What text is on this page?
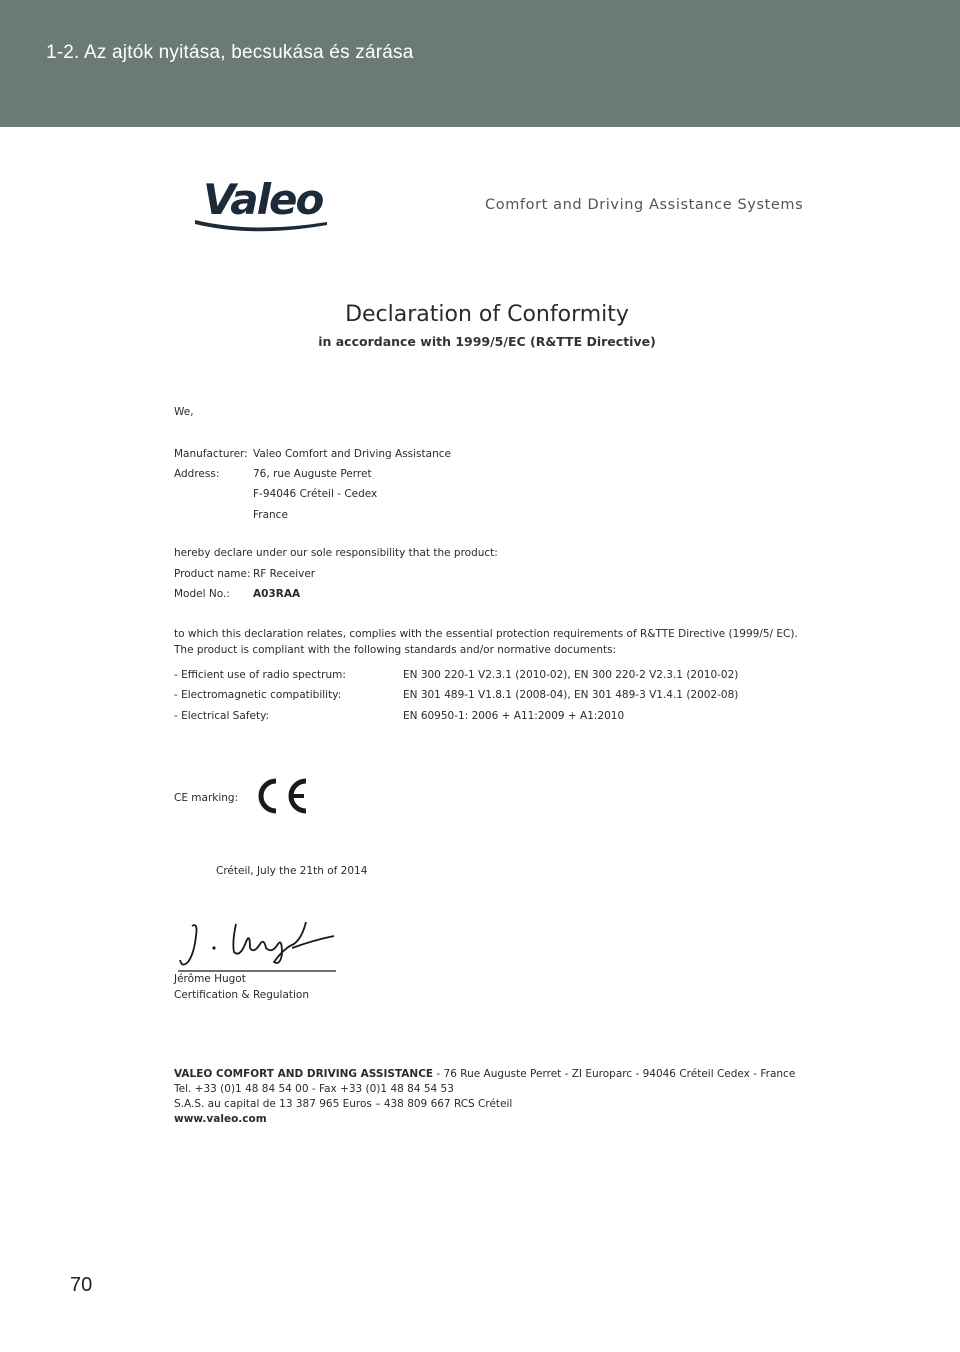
1-2. Az ajtók nyitása, becsukása és zárása
Valeo	Comfort and Driving Assistance Systems
Declaration of Conformity
in accordance with 1999/5/EC (R&TTE Directive)
We,
Manufacturer: Valeo Comfort and Driving Assistance
Address:	76, rue Auguste Perret
F-94046 Créteil - Cedex
France
hereby declare under our sole responsibility that the product:
Product name: RF Receiver
Model No.: A03RAA
to which this declaration relates, complies with the essential protection requirements of R&TTE Directive (1999/5/ EC).
The product is compliant with the following standards and/or normative documents:
- Efficient use of radio spectrum:	EN 300 220-1 V2.3.1 (2010-02), EN 300 220-2 V2.3.1 (2010-02)
- Electromagnetic compatibility:	EN 301 489-1 V1.8.1 (2008-04), EN 301 489-3 V1.4.1 (2002-08)
- Electrical Safety:	EN 60950-1: 2006 + A11:2009 + A1:2010
CE marking:
Créteil, July the 21th of 2014
Jérôme Hugot
Certification & Regulation
VALEO COMFORT AND DRIVING ASSISTANCE - 76 Rue Auguste Perret - ZI Europarc - 94046 Créteil Cedex - France
Tel. +33 (0)1 48 84 54 00 - Fax +33 (0)1 48 84 54 53
S.A.S. au capital de 13 387 965 Euros – 438 809 667 RCS Créteil
www.valeo.com
70
